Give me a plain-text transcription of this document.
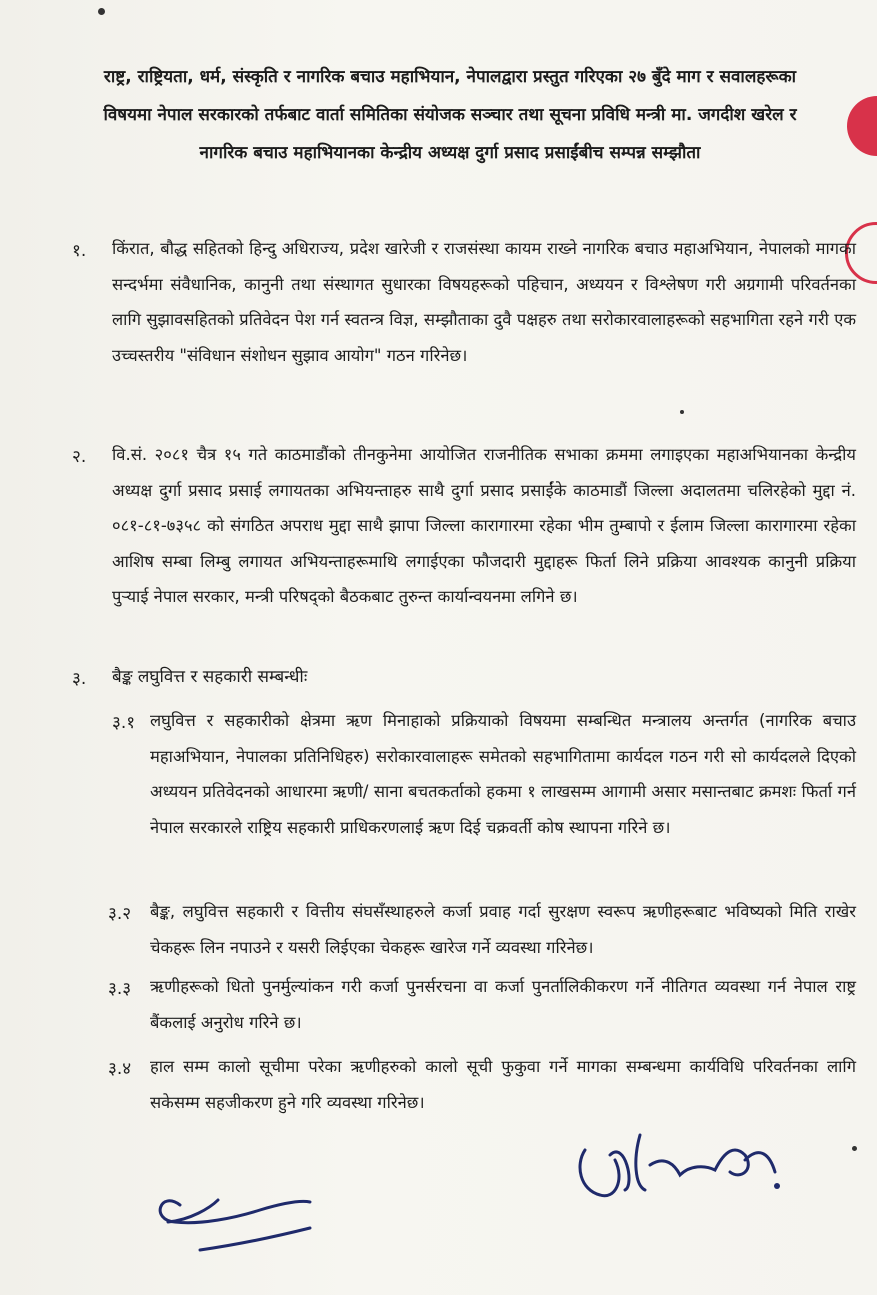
राष्ट्र, राष्ट्रियता, धर्म, संस्कृति र नागरिक बचाउ महाभियान, नेपालद्वारा प्रस्तुत गरिएका २७ बुँदे माग र सवालहरूका विषयमा नेपाल सरकारको तर्फबाट वार्ता समितिका संयोजक सञ्चार तथा सूचना प्रविधि मन्त्री मा. जगदीश खरेल र नागरिक बचाउ महाभियानका केन्द्रीय अध्यक्ष दुर्गा प्रसाद प्रसाईंबीच सम्पन्न सम्झौता
१. किंरात, बौद्ध सहितको हिन्दु अधिराज्य, प्रदेश खारेजी र राजसंस्था कायम राख्ने नागरिक बचाउ महाअभियान, नेपालको मागका सन्दर्भमा संवैधानिक, कानुनी तथा संस्थागत सुधारका विषयहरूको पहिचान, अध्ययन र विश्लेषण गरी अग्रगामी परिवर्तनका लागि सुझावसहितको प्रतिवेदन पेश गर्न स्वतन्त्र विज्ञ, सम्झौताका दुवै पक्षहरु तथा सरोकारवालाहरूको सहभागिता रहने गरी एक उच्चस्तरीय "संविधान संशोधन सुझाव आयोग" गठन गरिनेछ।
२. वि.सं. २०८१ चैत्र १५ गते काठमाडौंको तीनकुनेमा आयोजित राजनीतिक सभाका क्रममा लगाइएका महाअभियानका केन्द्रीय अध्यक्ष दुर्गा प्रसाद प्रसाई लगायतका अभियन्ताहरु साथै दुर्गा प्रसाद प्रसाईंके काठमाडौं जिल्ला अदालतमा चलिरहेको मुद्दा नं. ०८१-८१-७३५८ को संगठित अपराध मुद्दा साथै झापा जिल्ला कारागारमा रहेका भीम तुम्बापो र ईलाम जिल्ला कारागारमा रहेका आशिष सम्बा लिम्बु लगायत अभियन्ताहरूमाथि लगाईएका फौजदारी मुद्दाहरू फिर्ता लिने प्रक्रिया आवश्यक कानुनी प्रक्रिया पुऱ्याई नेपाल सरकार, मन्त्री परिषद्को बैठकबाट तुरुन्त कार्यान्वयनमा लगिने छ।
३. बैङ्क लघुवित्त र सहकारी सम्बन्धीः
३.१ लघुवित्त र सहकारीको क्षेत्रमा ऋण मिनाहाको प्रक्रियाको विषयमा सम्बन्धित मन्त्रालय अन्तर्गत (नागरिक बचाउ महाअभियान, नेपालका प्रतिनिधिहरु) सरोकारवालाहरू समेतको सहभागितामा कार्यदल गठन गरी सो कार्यदलले दिएको अध्ययन प्रतिवेदनको आधारमा ऋणी/ साना बचतकर्ताको हकमा १ लाखसम्म आगामी असार मसान्तबाट क्रमशः फिर्ता गर्न नेपाल सरकारले राष्ट्रिय सहकारी प्राधिकरणलाई ऋण दिई चक्रवर्ती कोष स्थापना गरिने छ।
३.२ बैङ्क, लघुवित्त सहकारी र वित्तीय संघसँस्थाहरुले कर्जा प्रवाह गर्दा सुरक्षण स्वरूप ऋणीहरूबाट भविष्यको मिति राखेर चेकहरू लिन नपाउने र यसरी लिईएका चेकहरू खारेज गर्ने व्यवस्था गरिनेछ।
३.३ ऋणीहरूको धितो पुनर्मुल्यांकन गरी कर्जा पुनर्सरचना वा कर्जा पुनर्तालिकीकरण गर्ने नीतिगत व्यवस्था गर्न नेपाल राष्ट्र बैंकलाई अनुरोध गरिने छ।
३.४ हाल सम्म कालो सूचीमा परेका ऋणीहरुको कालो सूची फुकुवा गर्ने मागका सम्बन्धमा कार्यविधि परिवर्तनका लागि सकेसम्म सहजीकरण हुने गरि व्यवस्था गरिनेछ।
